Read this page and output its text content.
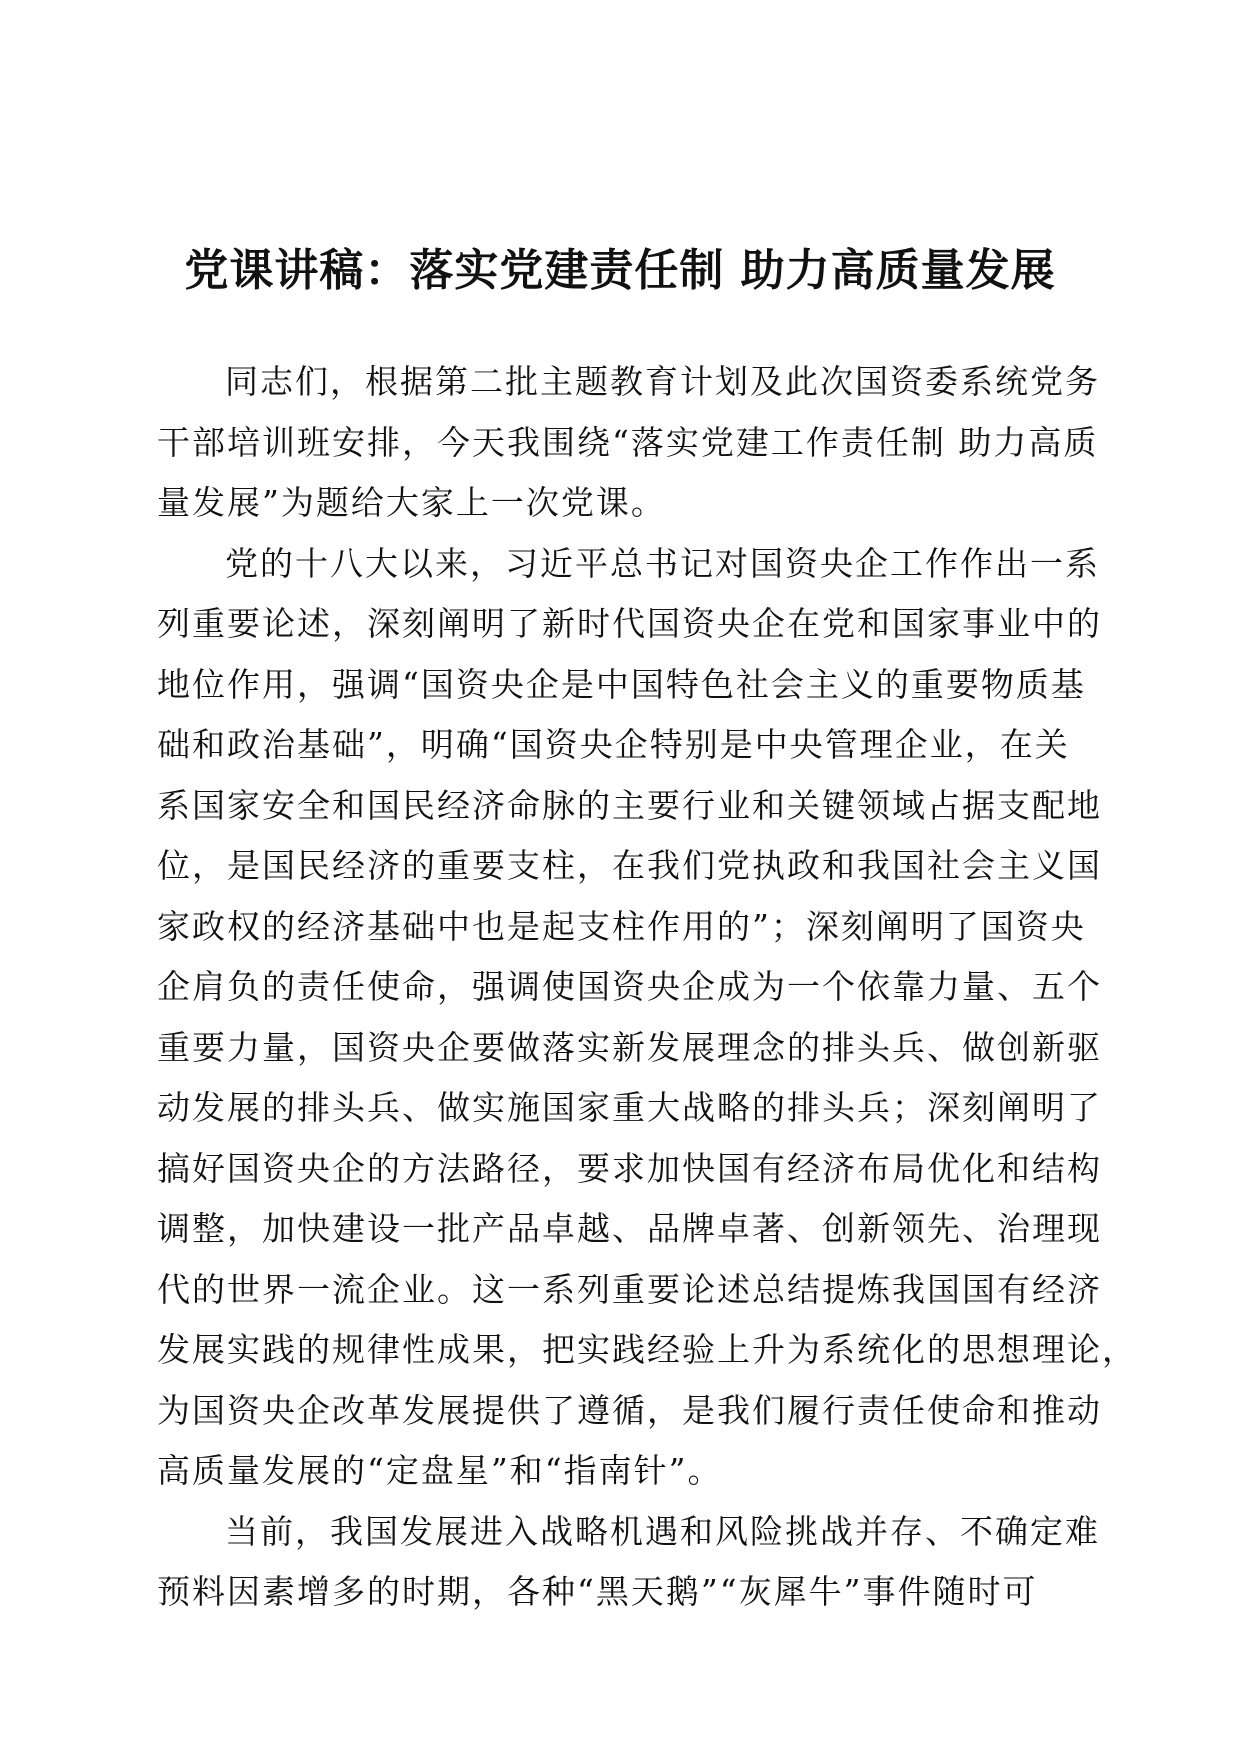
党课讲稿：落实党建责任制 助力高质量发展
同志们，根据第二批主题教育计划及此次国资委系统党务
干部培训班安排，今天我围绕“落实党建工作责任制 助力高质
量发展”为题给大家上一次党课。
党的十八大以来，习近平总书记对国资央企工作作出一系
列重要论述，深刻阐明了新时代国资央企在党和国家事业中的
地位作用，强调“国资央企是中国特色社会主义的重要物质基
础和政治基础”，明确“国资央企特别是中央管理企业，在关
系国家安全和国民经济命脉的主要行业和关键领域占据支配地
位，是国民经济的重要支柱，在我们党执政和我国社会主义国
家政权的经济基础中也是起支柱作用的”；深刻阐明了国资央
企肩负的责任使命，强调使国资央企成为一个依靠力量、五个
重要力量，国资央企要做落实新发展理念的排头兵、做创新驱
动发展的排头兵、做实施国家重大战略的排头兵；深刻阐明了
搞好国资央企的方法路径，要求加快国有经济布局优化和结构
调整，加快建设一批产品卓越、品牌卓著、创新领先、治理现
代的世界一流企业。这一系列重要论述总结提炼我国国有经济
发展实践的规律性成果，把实践经验上升为系统化的思想理论，
为国资央企改革发展提供了遵循，是我们履行责任使命和推动
高质量发展的“定盘星”和“指南针”。
当前，我国发展进入战略机遇和风险挑战并存、不确定难
预料因素增多的时期，各种“黑天鹅”“灰犀牛”事件随时可
